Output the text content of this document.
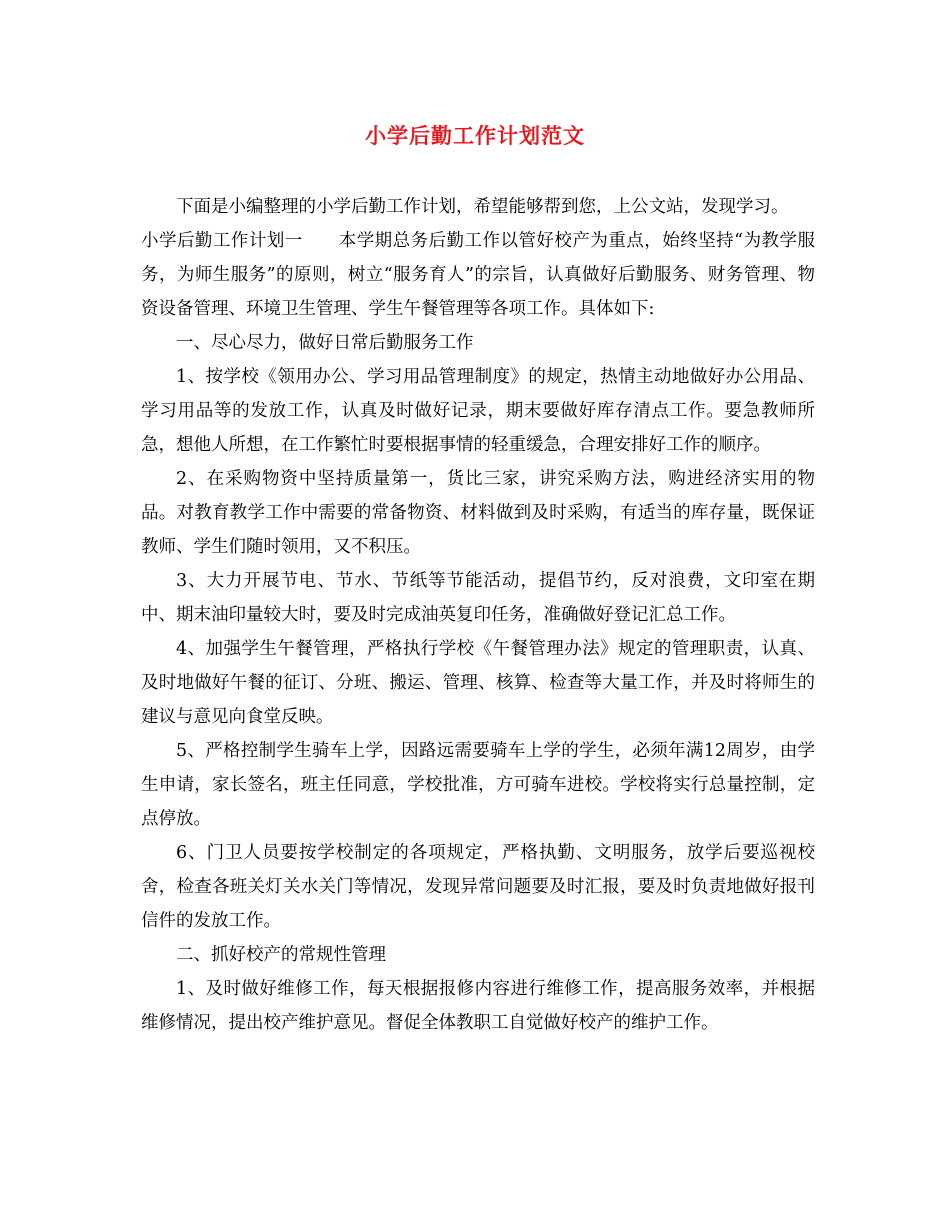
小学后勤工作计划范文

下面是小编整理的小学后勤工作计划，希望能够帮到您，上公文站，发现学习。

小学后勤工作计划一　　本学期总务后勤工作以管好校产为重点，始终坚持“为教学服务，为师生服务”的原则，树立“服务育人”的宗旨，认真做好后勤服务、财务管理、物资设备管理、环境卫生管理、学生午餐管理等各项工作。具体如下:

一、尽心尽力，做好日常后勤服务工作

1、按学校《领用办公、学习用品管理制度》的规定，热情主动地做好办公用品、学习用品等的发放工作，认真及时做好记录，期末要做好库存清点工作。要急教师所急，想他人所想，在工作繁忙时要根据事情的轻重缓急，合理安排好工作的顺序。

2、在采购物资中坚持质量第一，货比三家，讲究采购方法，购进经济实用的物品。对教育教学工作中需要的常备物资、材料做到及时采购，有适当的库存量，既保证教师、学生们随时领用，又不积压。

3、大力开展节电、节水、节纸等节能活动，提倡节约，反对浪费，文印室在期中、期末油印量较大时，要及时完成油英复印任务，准确做好登记汇总工作。

4、加强学生午餐管理，严格执行学校《午餐管理办法》规定的管理职责，认真、及时地做好午餐的征订、分班、搬运、管理、核算、检查等大量工作，并及时将师生的建议与意见向食堂反映。

5、严格控制学生骑车上学，因路远需要骑车上学的学生，必须年满12周岁，由学生申请，家长签名，班主任同意，学校批准，方可骑车进校。学校将实行总量控制，定点停放。

6、门卫人员要按学校制定的各项规定，严格执勤、文明服务，放学后要巡视校舍，检查各班关灯关水关门等情况，发现异常问题要及时汇报，要及时负责地做好报刊信件的发放工作。

二、抓好校产的常规性管理

1、及时做好维修工作，每天根据报修内容进行维修工作，提高服务效率，并根据维修情况，提出校产维护意见。督促全体教职工自觉做好校产的维护工作。
